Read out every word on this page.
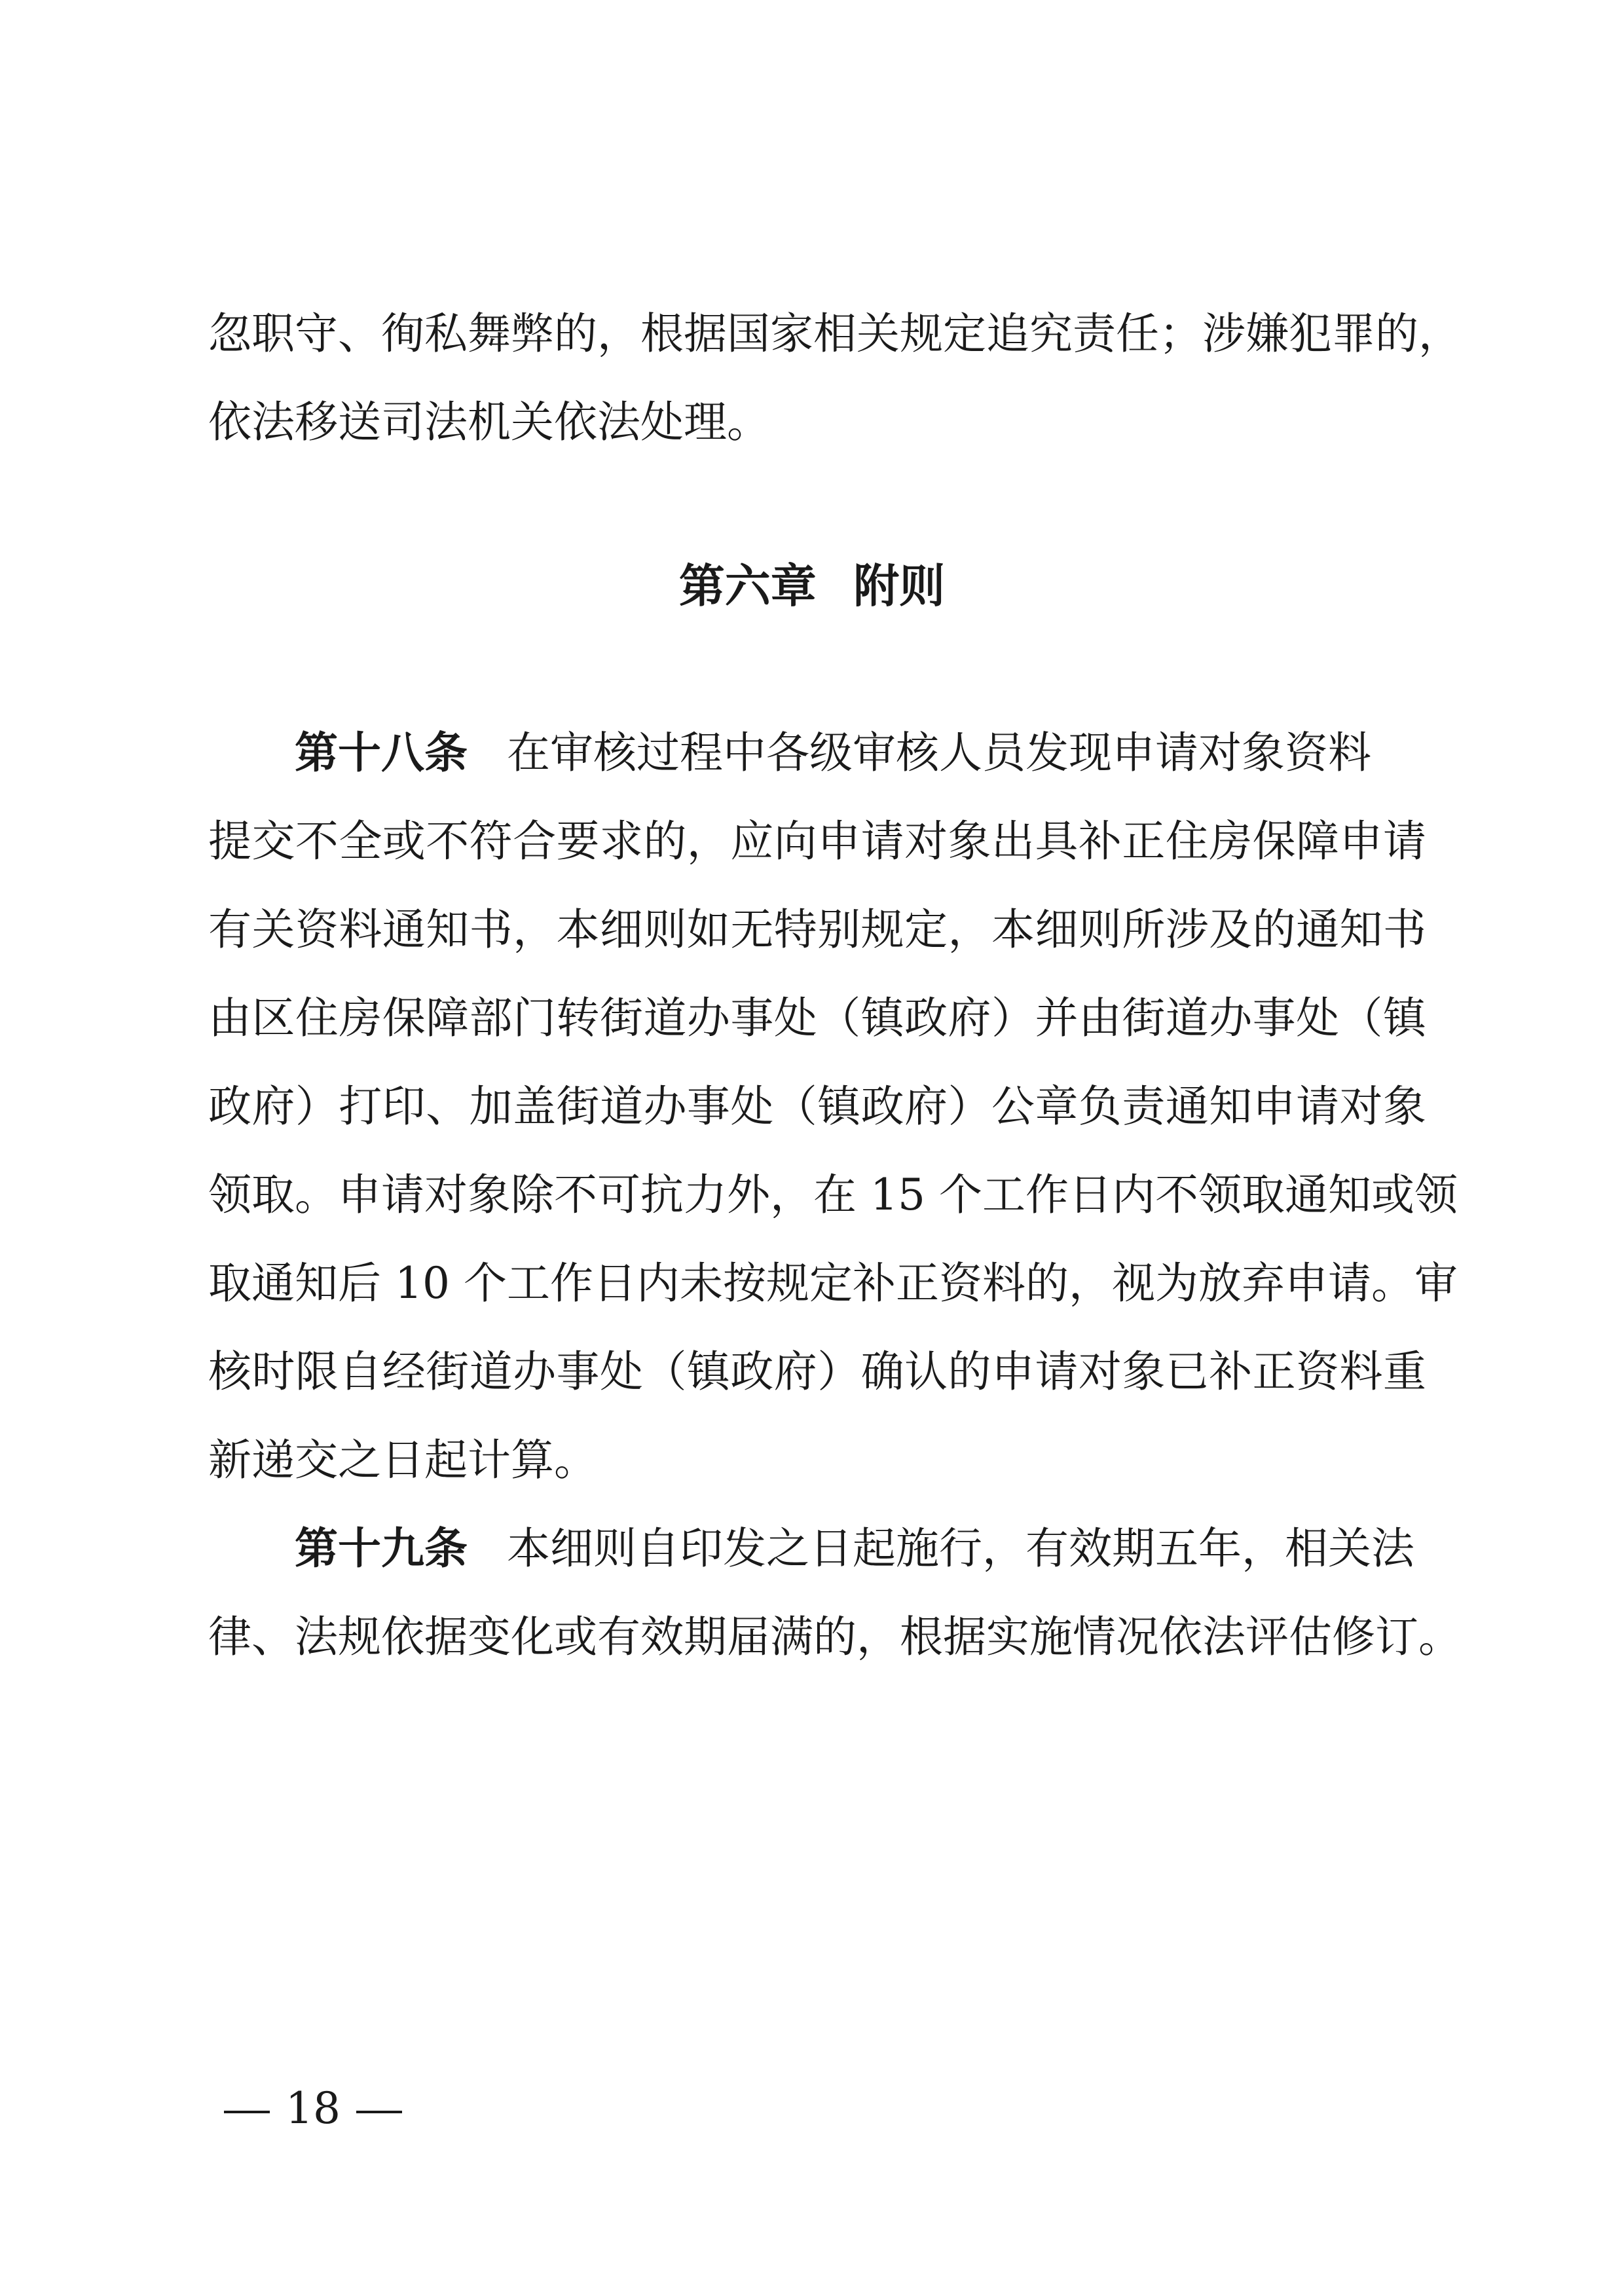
忽职守、徇私舞弊的，根据国家相关规定追究责任；涉嫌犯罪的，
依法移送司法机关依法处理。
第六章 附则
第十八条 在审核过程中各级审核人员发现申请对象资料
提交不全或不符合要求的，应向申请对象出具补正住房保障申请
有关资料通知书，本细则如无特别规定，本细则所涉及的通知书
由区住房保障部门转街道办事处（镇政府）并由街道办事处（镇
政府）打印、加盖街道办事处（镇政府）公章负责通知申请对象
领取。申请对象除不可抗力外，在 15 个工作日内不领取通知或领
取通知后 10 个工作日内未按规定补正资料的，视为放弃申请。审
核时限自经街道办事处（镇政府）确认的申请对象已补正资料重
新递交之日起计算。
第十九条 本细则自印发之日起施行，有效期五年，相关法
律、法规依据变化或有效期届满的，根据实施情况依法评估修订。
18
